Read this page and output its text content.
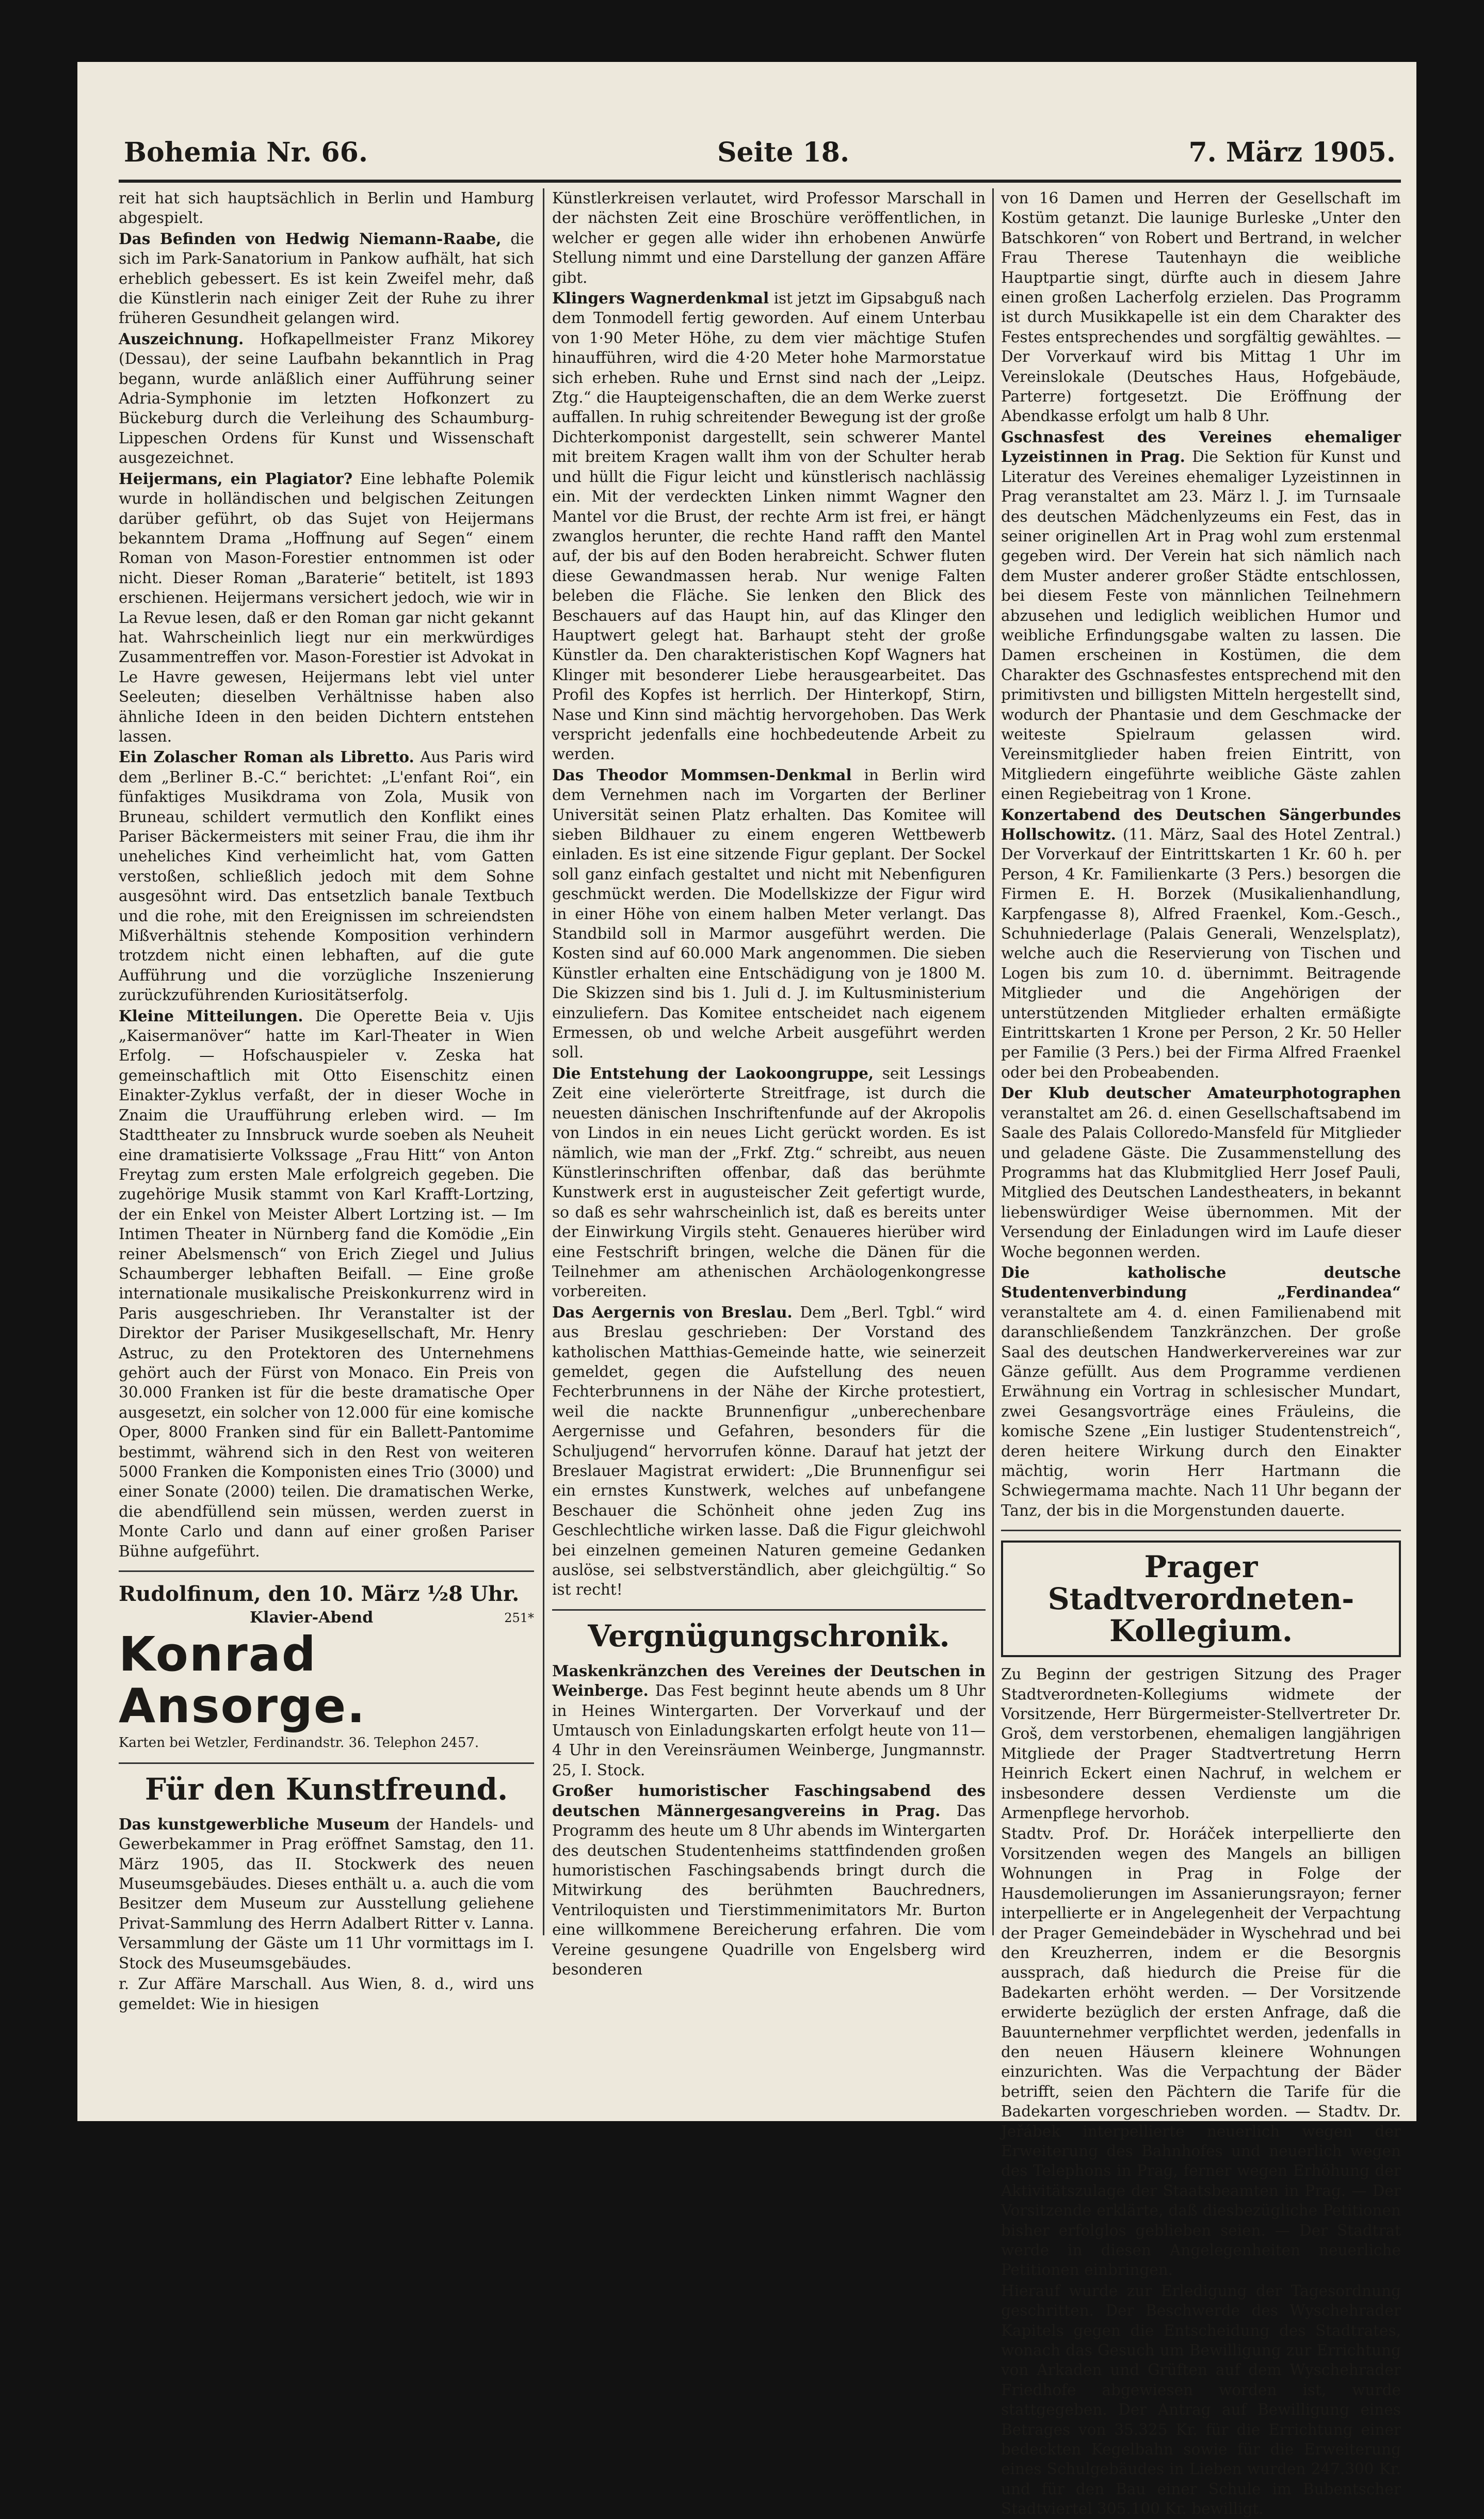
Bohemia Nr. 66.	Seite 18.	7. März 1905.

reit hat sich hauptsächlich in Berlin und Hamburg abgespielt.

Das Befinden von Hedwig Niemann-Raabe, die sich im Park-Sanatorium in Pankow aufhält, hat sich erheblich gebessert. Es ist kein Zweifel mehr, daß die Künstlerin nach einiger Zeit der Ruhe zu ihrer früheren Gesundheit gelangen wird.

Auszeichnung. Hofkapellmeister Franz Mikorey (Dessau), der seine Laufbahn bekanntlich in Prag begann, wurde anläßlich einer Aufführung seiner Adria-Symphonie im letzten Hofkonzert zu Bückeburg durch die Verleihung des Schaumburg-Lippeschen Ordens für Kunst und Wissenschaft ausgezeichnet.

Heijermans, ein Plagiator? Eine lebhafte Polemik wurde in holländischen und belgischen Zeitungen darüber geführt, ob das Sujet von Heijermans bekanntem Drama „Hoffnung auf Segen“ einem Roman von Mason-Forestier entnommen ist oder nicht. Dieser Roman „Baraterie“ betitelt, ist 1893 erschienen. Heijermans versichert jedoch, wie wir in La Revue lesen, daß er den Roman gar nicht gekannt hat. Wahrscheinlich liegt nur ein merkwürdiges Zusammentreffen vor. Mason-Forestier ist Advokat in Le Havre gewesen, Heijermans lebt viel unter Seeleuten; dieselben Verhältnisse haben also ähnliche Ideen in den beiden Dichtern entstehen lassen.

Ein Zolascher Roman als Libretto. Aus Paris wird dem „Berliner B.-C.“ berichtet: „L'enfant Roi“, ein fünfaktiges Musikdrama von Zola, Musik von Bruneau, schildert vermutlich den Konflikt eines Pariser Bäckermeisters mit seiner Frau, die ihm ihr uneheliches Kind verheimlicht hat, vom Gatten verstoßen, schließlich jedoch mit dem Sohne ausgesöhnt wird. Das entsetzlich banale Textbuch und die rohe, mit den Ereignissen im schreiendsten Mißverhältnis stehende Komposition verhindern trotzdem nicht einen lebhaften, auf die gute Aufführung und die vorzügliche Inszenierung zurückzuführenden Kuriositätserfolg.

Kleine Mitteilungen. Die Operette Beia v. Ujis „Kaisermanöver“ hatte im Karl-Theater in Wien Erfolg. — Hofschauspieler v. Zeska hat gemeinschaftlich mit Otto Eisenschitz einen Einakter-Zyklus verfaßt, der in dieser Woche in Znaim die Uraufführung erleben wird. — Im Stadttheater zu Innsbruck wurde soeben als Neuheit eine dramatisierte Volkssage „Frau Hitt“ von Anton Freytag zum ersten Male erfolgreich gegeben. Die zugehörige Musik stammt von Karl Krafft-Lortzing, der ein Enkel von Meister Albert Lortzing ist. — Im Intimen Theater in Nürnberg fand die Komödie „Ein reiner Abelsmensch“ von Erich Ziegel und Julius Schaumberger lebhaften Beifall. — Eine große internationale musikalische Preiskonkurrenz wird in Paris ausgeschrieben. Ihr Veranstalter ist der Direktor der Pariser Musikgesellschaft, Mr. Henry Astruc, zu den Protektoren des Unternehmens gehört auch der Fürst von Monaco. Ein Preis von 30.000 Franken ist für die beste dramatische Oper ausgesetzt, ein solcher von 12.000 für eine komische Oper, 8000 Franken sind für ein Ballett-Pantomime bestimmt, während sich in den Rest von weiteren 5000 Franken die Komponisten eines Trio (3000) und einer Sonate (2000) teilen. Die dramatischen Werke, die abendfüllend sein müssen, werden zuerst in Monte Carlo und dann auf einer großen Pariser Bühne aufgeführt.

Rudolfinum, den 10. März ½8 Uhr.

Klavier-Abend	251*

Konrad Ansorge.

Karten bei Wetzler, Ferdinandstr. 36. Telephon 2457.

Für den Kunstfreund.

Das kunstgewerbliche Museum der Handels- und Gewerbekammer in Prag eröffnet Samstag, den 11. März 1905, das II. Stockwerk des neuen Museumsgebäudes. Dieses enthält u. a. auch die vom Besitzer dem Museum zur Ausstellung geliehene Privat-Sammlung des Herrn Adalbert Ritter v. Lanna. Versammlung der Gäste um 11 Uhr vormittags im I. Stock des Museumsgebäudes.

r. Zur Affäre Marschall. Aus Wien, 8. d., wird uns gemeldet: Wie in hiesigen

Künstlerkreisen verlautet, wird Professor Marschall in der nächsten Zeit eine Broschüre veröffentlichen, in welcher er gegen alle wider ihn erhobenen Anwürfe Stellung nimmt und eine Darstellung der ganzen Affäre gibt.

Klingers Wagnerdenkmal ist jetzt im Gipsabguß nach dem Tonmodell fertig geworden. Auf einem Unterbau von 1·90 Meter Höhe, zu dem vier mächtige Stufen hinaufführen, wird die 4·20 Meter hohe Marmorstatue sich erheben. Ruhe und Ernst sind nach der „Leipz. Ztg.“ die Haupteigenschaften, die an dem Werke zuerst auffallen. In ruhig schreitender Bewegung ist der große Dichterkomponist dargestellt, sein schwerer Mantel mit breitem Kragen wallt ihm von der Schulter herab und hüllt die Figur leicht und künstlerisch nachlässig ein. Mit der verdeckten Linken nimmt Wagner den Mantel vor die Brust, der rechte Arm ist frei, er hängt zwanglos herunter, die rechte Hand rafft den Mantel auf, der bis auf den Boden herabreicht. Schwer fluten diese Gewandmassen herab. Nur wenige Falten beleben die Fläche. Sie lenken den Blick des Beschauers auf das Haupt hin, auf das Klinger den Hauptwert gelegt hat. Barhaupt steht der große Künstler da. Den charakteristischen Kopf Wagners hat Klinger mit besonderer Liebe herausgearbeitet. Das Profil des Kopfes ist herrlich. Der Hinterkopf, Stirn, Nase und Kinn sind mächtig hervorgehoben. Das Werk verspricht jedenfalls eine hochbedeutende Arbeit zu werden.

Das Theodor Mommsen-Denkmal in Berlin wird dem Vernehmen nach im Vorgarten der Berliner Universität seinen Platz erhalten. Das Komitee will sieben Bildhauer zu einem engeren Wettbewerb einladen. Es ist eine sitzende Figur geplant. Der Sockel soll ganz einfach gestaltet und nicht mit Nebenfiguren geschmückt werden. Die Modellskizze der Figur wird in einer Höhe von einem halben Meter verlangt. Das Standbild soll in Marmor ausgeführt werden. Die Kosten sind auf 60.000 Mark angenommen. Die sieben Künstler erhalten eine Entschädigung von je 1800 M. Die Skizzen sind bis 1. Juli d. J. im Kultusministerium einzuliefern. Das Komitee entscheidet nach eigenem Ermessen, ob und welche Arbeit ausgeführt werden soll.

Die Entstehung der Laokoongruppe, seit Lessings Zeit eine vielerörterte Streitfrage, ist durch die neuesten dänischen Inschriftenfunde auf der Akropolis von Lindos in ein neues Licht gerückt worden. Es ist nämlich, wie man der „Frkf. Ztg.“ schreibt, aus neuen Künstlerinschriften offenbar, daß das berühmte Kunstwerk erst in augusteischer Zeit gefertigt wurde, so daß es sehr wahrscheinlich ist, daß es bereits unter der Einwirkung Virgils steht. Genaueres hierüber wird eine Festschrift bringen, welche die Dänen für die Teilnehmer am athenischen Archäologenkongresse vorbereiten.

Das Aergernis von Breslau. Dem „Berl. Tgbl.“ wird aus Breslau geschrieben: Der Vorstand des katholischen Matthias-Gemeinde hatte, wie seinerzeit gemeldet, gegen die Aufstellung des neuen Fechterbrunnens in der Nähe der Kirche protestiert, weil die nackte Brunnenfigur „unberechenbare Aergernisse und Gefahren, besonders für die Schuljugend“ hervorrufen könne. Darauf hat jetzt der Breslauer Magistrat erwidert: „Die Brunnenfigur sei ein ernstes Kunstwerk, welches auf unbefangene Beschauer die Schönheit ohne jeden Zug ins Geschlechtliche wirken lasse. Daß die Figur gleichwohl bei einzelnen gemeinen Naturen gemeine Gedanken auslöse, sei selbstverständlich, aber gleichgültig.“ So ist recht!

Vergnügungschronik.

Maskenkränzchen des Vereines der Deutschen in Weinberge. Das Fest beginnt heute abends um 8 Uhr in Heines Wintergarten. Der Vorverkauf und der Umtausch von Einladungskarten erfolgt heute von 11—4 Uhr in den Vereinsräumen Weinberge, Jungmannstr. 25, I. Stock.

Großer humoristischer Faschingsabend des deutschen Männergesangvereins in Prag. Das Programm des heute um 8 Uhr abends im Wintergarten des deutschen Studentenheims stattfindenden großen humoristischen Faschingsabends bringt durch die Mitwirkung des berühmten Bauchredners, Ventriloquisten und Tierstimmenimitators Mr. Burton eine willkommene Bereicherung erfahren. Die vom Vereine gesungene Quadrille von Engelsberg wird besonderen

von 16 Damen und Herren der Gesellschaft im Kostüm getanzt. Die launige Burleske „Unter den Batschkoren“ von Robert und Bertrand, in welcher Frau Therese Tautenhayn die weibliche Hauptpartie singt, dürfte auch in diesem Jahre einen großen Lacherfolg erzielen. Das Programm ist durch Musikkapelle ist ein dem Charakter des Festes entsprechendes und sorgfältig gewähltes. — Der Vorverkauf wird bis Mittag 1 Uhr im Vereinslokale (Deutsches Haus, Hofgebäude, Parterre) fortgesetzt. Die Eröffnung der Abendkasse erfolgt um halb 8 Uhr.

Gschnasfest des Vereines ehemaliger Lyzeistinnen in Prag. Die Sektion für Kunst und Literatur des Vereines ehemaliger Lyzeistinnen in Prag veranstaltet am 23. März l. J. im Turnsaale des deutschen Mädchenlyzeums ein Fest, das in seiner originellen Art in Prag wohl zum erstenmal gegeben wird. Der Verein hat sich nämlich nach dem Muster anderer großer Städte entschlossen, bei diesem Feste von männlichen Teilnehmern abzusehen und lediglich weiblichen Humor und weibliche Erfindungsgabe walten zu lassen. Die Damen erscheinen in Kostümen, die dem Charakter des Gschnasfestes entsprechend mit den primitivsten und billigsten Mitteln hergestellt sind, wodurch der Phantasie und dem Geschmacke der weiteste Spielraum gelassen wird. Vereinsmitglieder haben freien Eintritt, von Mitgliedern eingeführte weibliche Gäste zahlen einen Regiebeitrag von 1 Krone.

Konzertabend des Deutschen Sängerbundes Hollschowitz. (11. März, Saal des Hotel Zentral.) Der Vorverkauf der Eintrittskarten 1 Kr. 60 h. per Person, 4 Kr. Familienkarte (3 Pers.) besorgen die Firmen E. H. Borzek (Musikalienhandlung, Karpfengasse 8), Alfred Fraenkel, Kom.-Gesch., Schuhniederlage (Palais Generali, Wenzelsplatz), welche auch die Reservierung von Tischen und Logen bis zum 10. d. übernimmt. Beitragende Mitglieder und die Angehörigen der unterstützenden Mitglieder erhalten ermäßigte Eintrittskarten 1 Krone per Person, 2 Kr. 50 Heller per Familie (3 Pers.) bei der Firma Alfred Fraenkel oder bei den Probeabenden.

Der Klub deutscher Amateurphotographen veranstaltet am 26. d. einen Gesellschaftsabend im Saale des Palais Colloredo-Mansfeld für Mitglieder und geladene Gäste. Die Zusammenstellung des Programms hat das Klubmitglied Herr Josef Pauli, Mitglied des Deutschen Landestheaters, in bekannt liebenswürdiger Weise übernommen. Mit der Versendung der Einladungen wird im Laufe dieser Woche begonnen werden.

Die katholische deutsche Studentenverbindung „Ferdinandea“ veranstaltete am 4. d. einen Familienabend mit daranschließendem Tanzkränzchen. Der große Saal des deutschen Handwerkervereines war zur Gänze gefüllt. Aus dem Programme verdienen Erwähnung ein Vortrag in schlesischer Mundart, zwei Gesangsvorträge eines Fräuleins, die komische Szene „Ein lustiger Studentenstreich“, deren heitere Wirkung durch den Einakter mächtig, worin Herr Hartmann die Schwiegermama machte. Nach 11 Uhr begann der Tanz, der bis in die Morgenstunden dauerte.

Prager Stadtverordneten-Kollegium.

Zu Beginn der gestrigen Sitzung des Prager Stadtverordneten-Kollegiums widmete der Vorsitzende, Herr Bürgermeister-Stellvertreter Dr. Groš, dem verstorbenen, ehemaligen langjährigen Mitgliede der Prager Stadtvertretung Herrn Heinrich Eckert einen Nachruf, in welchem er insbesondere dessen Verdienste um die Armenpflege hervorhob.

Stadtv. Prof. Dr. Horáček interpellierte den Vorsitzenden wegen des Mangels an billigen Wohnungen in Prag in Folge der Hausdemolierungen im Assanierungsrayon; ferner interpellierte er in Angelegenheit der Verpachtung der Prager Gemeindebäder in Wyschehrad und bei den Kreuzherren, indem er die Besorgnis aussprach, daß hiedurch die Preise für die Badekarten erhöht werden. — Der Vorsitzende erwiderte bezüglich der ersten Anfrage, daß die Bauunternehmer verpflichtet werden, jedenfalls in den neuen Häusern kleinere Wohnungen einzurichten. Was die Verpachtung der Bäder betrifft, seien den Pächtern die Tarife für die Badekarten vorgeschrieben worden. — Stadtv. Dr. Jeřábek interpellierte neuerlich wegen der Erweiterung des Bahnhofes und neuerlich wegen des Telephons in Prag, ferner wegen Erhöhung der Aktivitätszulage der Staatsbeamten in Prag. — Der Vorsitzende erklärte, daß diesbezügliche Petitionen bisher erfolglos geblieben seien. — Der Stadtrat werde in diesen Angelegenheiten neuerliche Petitionen einbringen.

Hierauf wurde zur Erledigung der Tagesordnung geschritten. Der Beschwerde des Wyschehrader Kapitels gegen die Entscheidung des Stadtrates, wonach das Gesuch um Bewilligung zur Errichtung von Arkaden und Grüften auf dem Wyschehrader Friedhofe abgewiesen worden ist, wurde stattgegeben. Der Antrag auf Bewilligung eines Betrages von 35.325 Kr. für die Errichtung einer bedeckten Kegelbahn sowie für die Erweiterung eines Schulgebäudes in Lieben wurden 247.300 Kr. und für den Bau einer Schule im Bubentscher Stadtviertel 305.100 Kr. bewilligt.
